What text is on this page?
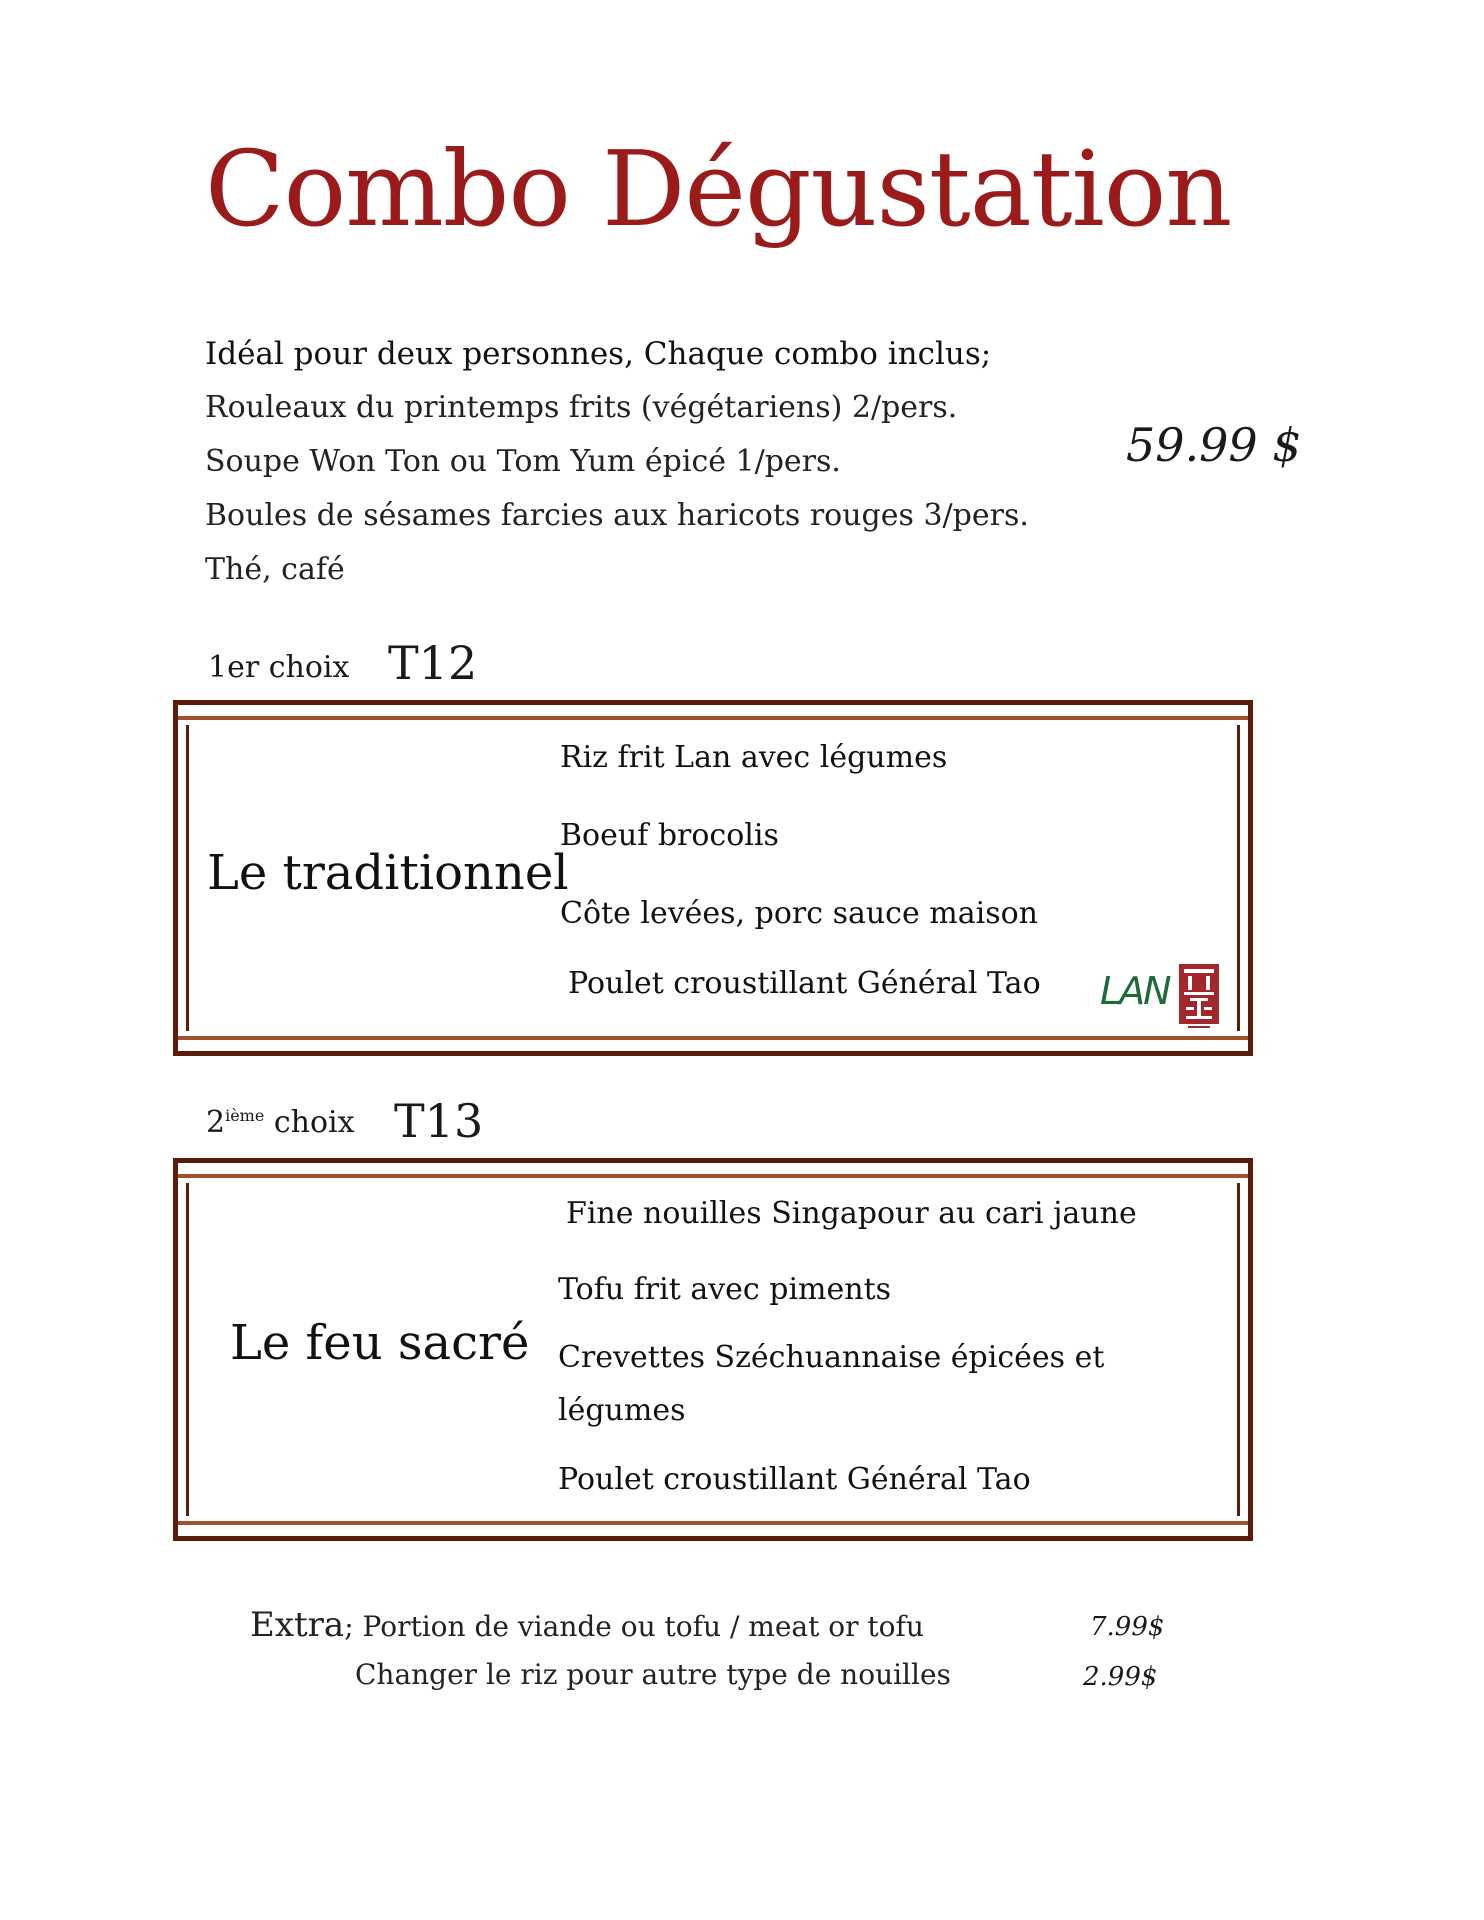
Combo Dégustation
Idéal pour deux personnes, Chaque combo inclus;
Rouleaux du printemps frits (végétariens) 2/pers.
Soupe Won Ton ou Tom Yum épicé 1/pers.
Boules de sésames farcies aux haricots rouges 3/pers.
Thé, café
59.99 $
1er choix T12
Le traditionnel
Riz frit Lan avec légumes
Boeuf brocolis
Côte levées, porc sauce maison
Poulet croustillant Général Tao LAN
2ième choix T13
Le feu sacré
Fine nouilles Singapour au cari jaune
Tofu frit avec piments
Crevettes Széchuannaise épicées et
légumes
Poulet croustillant Général Tao
Extra; Portion de viande ou tofu / meat or tofu	7.99$
Changer le riz pour autre type de nouilles	2.99$
